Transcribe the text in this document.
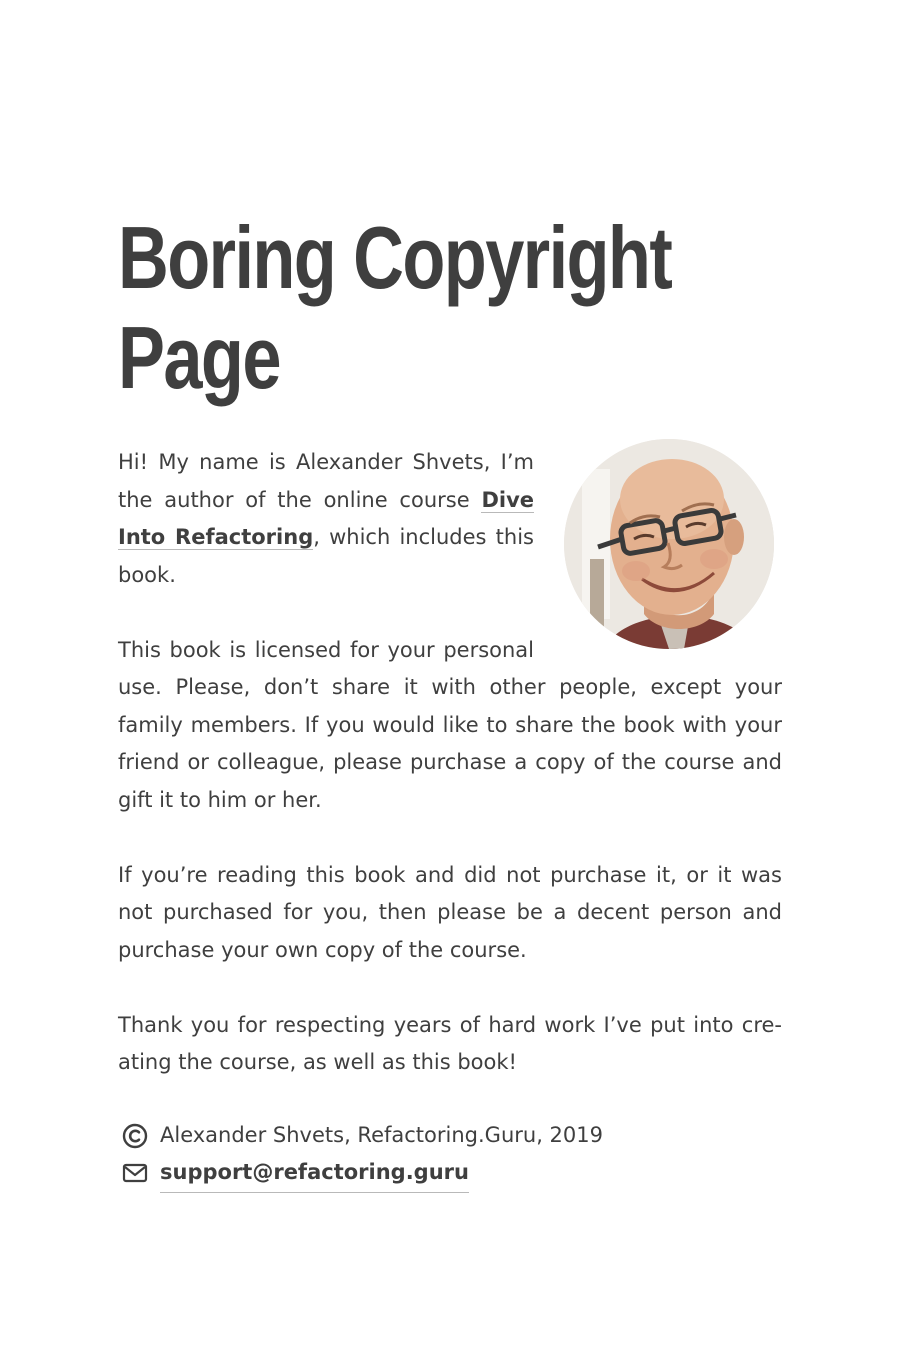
Boring Copyright
Page

Hi! My name is Alexander Shvets, I’m the author of the online course Dive Into Refactoring, which includes this book.

This book is licensed for your personal use. Please, don’t share it with other people, except your family members. If you would like to share the book with your friend or colleague, please purchase a copy of the course and gift it to him or her.

If you’re reading this book and did not purchase it, or it was not purchased for you, then please be a decent person and purchase your own copy of the course.

Thank you for respecting years of hard work I’ve put into creating the course, as well as this book!

Alexander Shvets, Refactoring.Guru, 2019
support@refactoring.guru
